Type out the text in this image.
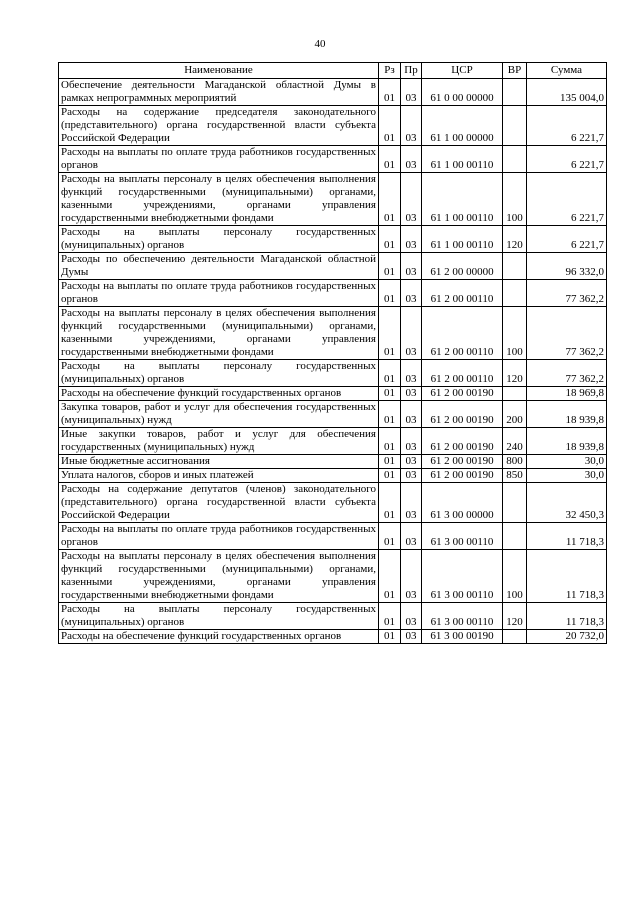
40
Наименование	Рз	Пр	ЦСР	ВР	Сумма
Обеспечение деятельности Магаданской областной Думы в рамках непрограммных мероприятий	01	03	61 0 00 00000		135 004,0
Расходы на содержание председателя законодательного (представительного) органа государственной власти субъекта Российской Федерации	01	03	61 1 00 00000		6 221,7
Расходы на выплаты по оплате труда работников государственных органов	01	03	61 1 00 00110		6 221,7
Расходы на выплаты персоналу в целях обеспечения выполнения функций государственными (муниципальными) органами, казенными учреждениями, органами управления государственными внебюджетными фондами	01	03	61 1 00 00110	100	6 221,7
Расходы на выплаты персоналу государственных (муниципальных) органов	01	03	61 1 00 00110	120	6 221,7
Расходы по обеспечению деятельности Магаданской областной Думы	01	03	61 2 00 00000		96 332,0
Расходы на выплаты по оплате труда работников государственных органов	01	03	61 2 00 00110		77 362,2
Расходы на выплаты персоналу в целях обеспечения выполнения функций государственными (муниципальными) органами, казенными учреждениями, органами управления государственными внебюджетными фондами	01	03	61 2 00 00110	100	77 362,2
Расходы на выплаты персоналу государственных (муниципальных) органов	01	03	61 2 00 00110	120	77 362,2
Расходы на обеспечение функций государственных органов	01	03	61 2 00 00190		18 969,8
Закупка товаров, работ и услуг для обеспечения государственных (муниципальных) нужд	01	03	61 2 00 00190	200	18 939,8
Иные закупки товаров, работ и услуг для обеспечения государственных (муниципальных) нужд	01	03	61 2 00 00190	240	18 939,8
Иные бюджетные ассигнования	01	03	61 2 00 00190	800	30,0
Уплата налогов, сборов и иных платежей	01	03	61 2 00 00190	850	30,0
Расходы на содержание депутатов (членов) законодательного (представительного) органа государственной власти субъекта Российской Федерации	01	03	61 3 00 00000		32 450,3
Расходы на выплаты по оплате труда работников государственных органов	01	03	61 3 00 00110		11 718,3
Расходы на выплаты персоналу в целях обеспечения выполнения функций государственными (муниципальными) органами, казенными учреждениями, органами управления государственными внебюджетными фондами	01	03	61 3 00 00110	100	11 718,3
Расходы на выплаты персоналу государственных (муниципальных) органов	01	03	61 3 00 00110	120	11 718,3
Расходы на обеспечение функций государственных органов	01	03	61 3 00 00190		20 732,0
